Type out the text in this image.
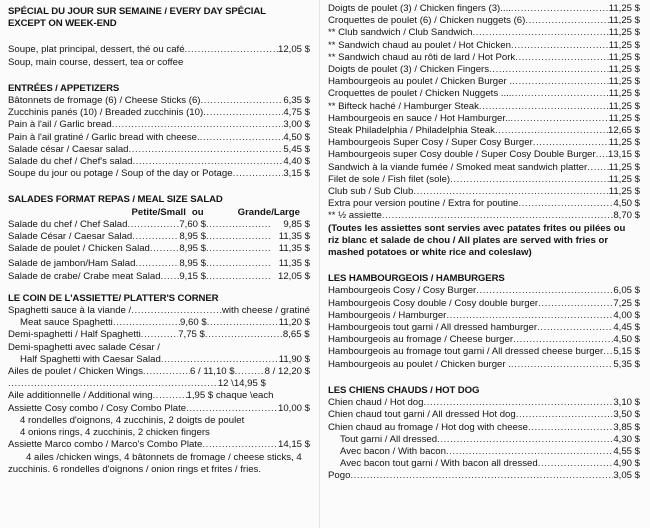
SPÉCIAL DU JOUR SUR SEMAINE / EVERY DAY SPÉCIAL EXCEPT ON WEEK-END
Soupe, plat principal, dessert, thé ou café .....	12,05 $
Soup, main course, dessert, tea or coffee
ENTRÉES / APPETIZERS
Bâtonnets de fromage (6) / Cheese Sticks (6) .....	6,35 $
Zucchinis panés (10) / Breaded zucchinis (10) .....	4,75 $
Pain à l'ail / Garlic bread .....	3,00 $
Pain à l'ail gratiné / Garlic bread with cheese. .....	4,50 $
Salade césar / Caesar salad .....	5,45 $
Salade du chef / Chef's salad .....	4,40 $
Soupe du jour ou potage / Soup of the day or Potage .....	3,15 $
SALADES FORMAT REPAS / MEAL SIZE SALAD
Petite/Small ou	Grande/Large
Salade du chef / Chef Salad .....	7,60 $ .....	9,85 $
Salade César / Caesar Salad .....	8,95 $ .....	11,35 $
Salade de poulet / Chicken Salad .....	8,95 $ .....	11,35 $
Salade de jambon/Ham Salad .....	8,95 $ .....	11,35 $
Salade de crabe/ Crabe meat Salad ..... 9,15 $ .....	12,05 $
LE COIN DE L'ASSIETTE/ PLATTER'S CORNER
Spaghetti sauce à la viande / .....	with cheese / gratiné
Meat sauce Spaghetti .....	9,60 $ .....	11,20 $
Demi-spaghetti / Half Spaghetti .....	7,75 $ .....	8,65 $
Demi-spaghetti avec salade César /
Half Spaghetti with Caesar Salad .....	11,90 $
Ailes de poulet / Chicken Wings .....	6 / 11,10 $ .....	8 / 12,20 $
.....
12 \14,95 $
Aile additionnelle / Additional wing .....	1,95 $ chaque \each
Assiette Cosy combo / Cosy Combo Plate .....	10,00 $
4 rondelles d'oignons, 4 zucchinis, 2 doigts de poulet
4 onions rings, 4 zucchinis, 2 chicken fingers
Assiette Marco combo / Marco's Combo Plate .....	14,15 $
4 ailes /chicken wings, 4 bâtonnets de fromage / cheese sticks, 4
zucchinis. 6 rondelles d'oignons / onion rings et frites / fries.
Doigts de poulet (3) / Chicken fingers (3).... .....	11,25 $
Croquettes de poulet (6) / Chicken nuggets (6) .....	11,25 $
** Club sandwich / Club Sandwich .....	11,25 $
** Sandwich chaud au poulet / Hot Chicken .....	11,25 $
** Sandwich chaud au rôti de lard / Hot Pork .....	11,25 $
Doigts de poulet (3) / Chicken Fingers .....	11,25 $
Hambourgeois au poulet / Chicken Burger . .....	11,25 $
Croquettes de poulet / Chicken Nuggets .... .....	11,25 $
** Bifteck haché / Hamburger Steak .....	11,25 $
Hambourgeois en sauce / Hot Hamburger.. .....	11,25 $
Steak Philadelphia / Philadelphia Steak .....	12,65 $
Hambourgeois Super Cosy / Super Cosy Burger .....	11,25 $
Hambourgeois super Cosy double / Super Cosy Double Burger ..... 13,15 $
Sandwich à la viande fumée / Smoked meat sandwich platter ..... 11,25 $
Filet de sole / Fish filet (sole) .....	11,25 $
Club sub / Sub Club .....	11,25 $
Extra pour version poutine / Extra for poutine .....	4,50 $
** ½ assiette .....	8,70 $
(Toutes les assiettes sont servies avec patates frites ou pilées ou riz blanc et salade de chou / All plates are served with fries or mashed potatoes or white rice and coleslaw)
LES HAMBOURGEOIS / HAMBURGERS
Hambourgeois Cosy / Cosy Burger .....	6,05 $
Hambourgeois Cosy double / Cosy double burger .....	7,25 $
Hambourgeois / Hamburger .....	4,00 $
Hambourgeois tout garni / All dressed hamburger .....	4,45 $
Hambourgeois au fromage / Cheese burger .....	4,50 $
Hambourgeois au fromage tout garni / All dressed cheese burger ..... 5,15 $
Hambourgeois au poulet / Chicken burger . .....	5,35 $
LES CHIENS CHAUDS / HOT DOG
Chien chaud / Hot dog .....	3,10 $
Chien chaud tout garni / All dressed Hot dog .....	3,50 $
Chien chaud au fromage / Hot dog with cheese .....	3,85 $
Tout garni / All dressed .....	4,30 $
Avec bacon / With bacon .....	4,55 $
Avec bacon tout garni / With bacon all dressed .....	4,90 $
Pogo .....	3,05 $
